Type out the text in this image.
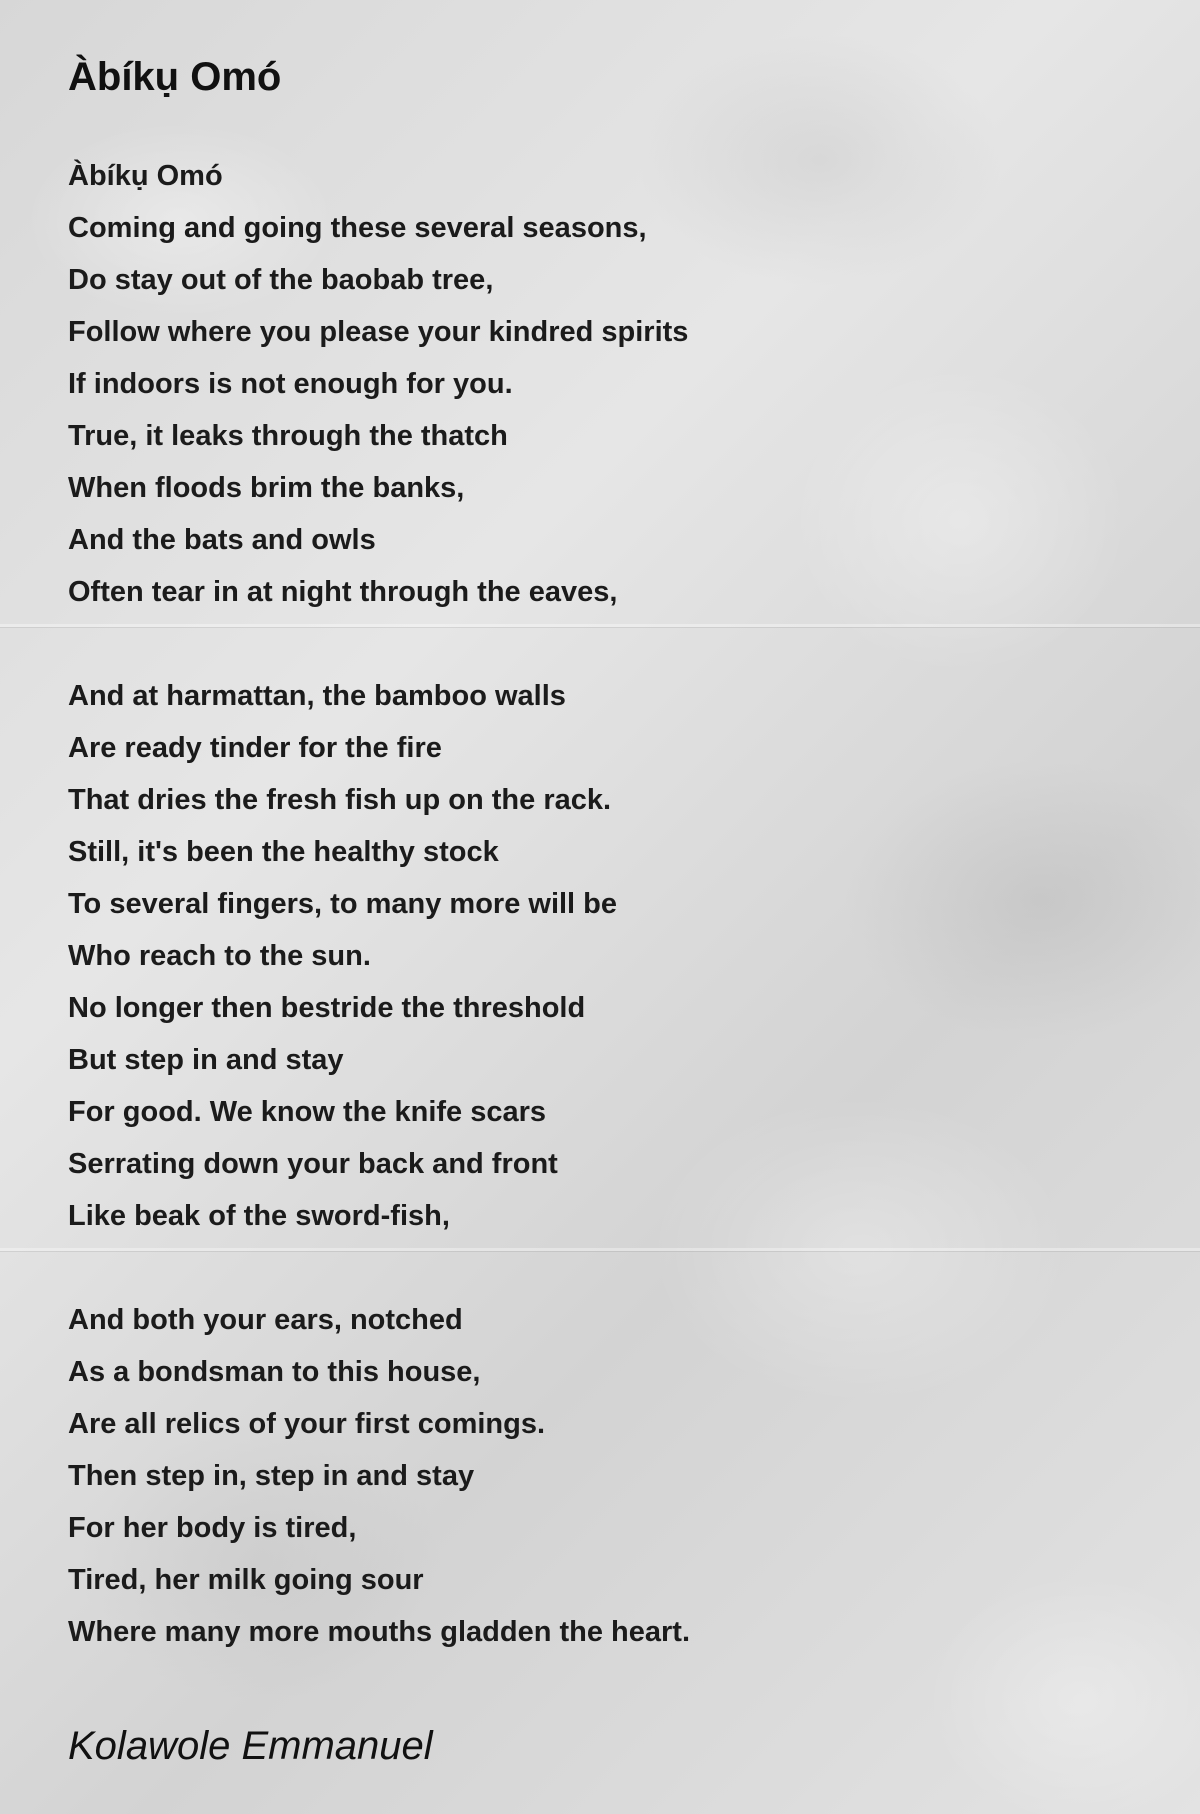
Àbíkụ Omó
Àbíkụ Omó
Coming and going these several seasons,
Do stay out of the baobab tree,
Follow where you please your kindred spirits
If indoors is not enough for you.
True, it leaks through the thatch
When floods brim the banks,
And the bats and owls
Often tear in at night through the eaves,
And at harmattan, the bamboo walls
Are ready tinder for the fire
That dries the fresh fish up on the rack.
Still, it's been the healthy stock
To several fingers, to many more will be
Who reach to the sun.
No longer then bestride the threshold
But step in and stay
For good. We know the knife scars
Serrating down your back and front
Like beak of the sword-fish,
And both your ears, notched
As a bondsman to this house,
Are all relics of your first comings.
Then step in, step in and stay
For her body is tired,
Tired, her milk going sour
Where many more mouths gladden the heart.
Kolawole Emmanuel
